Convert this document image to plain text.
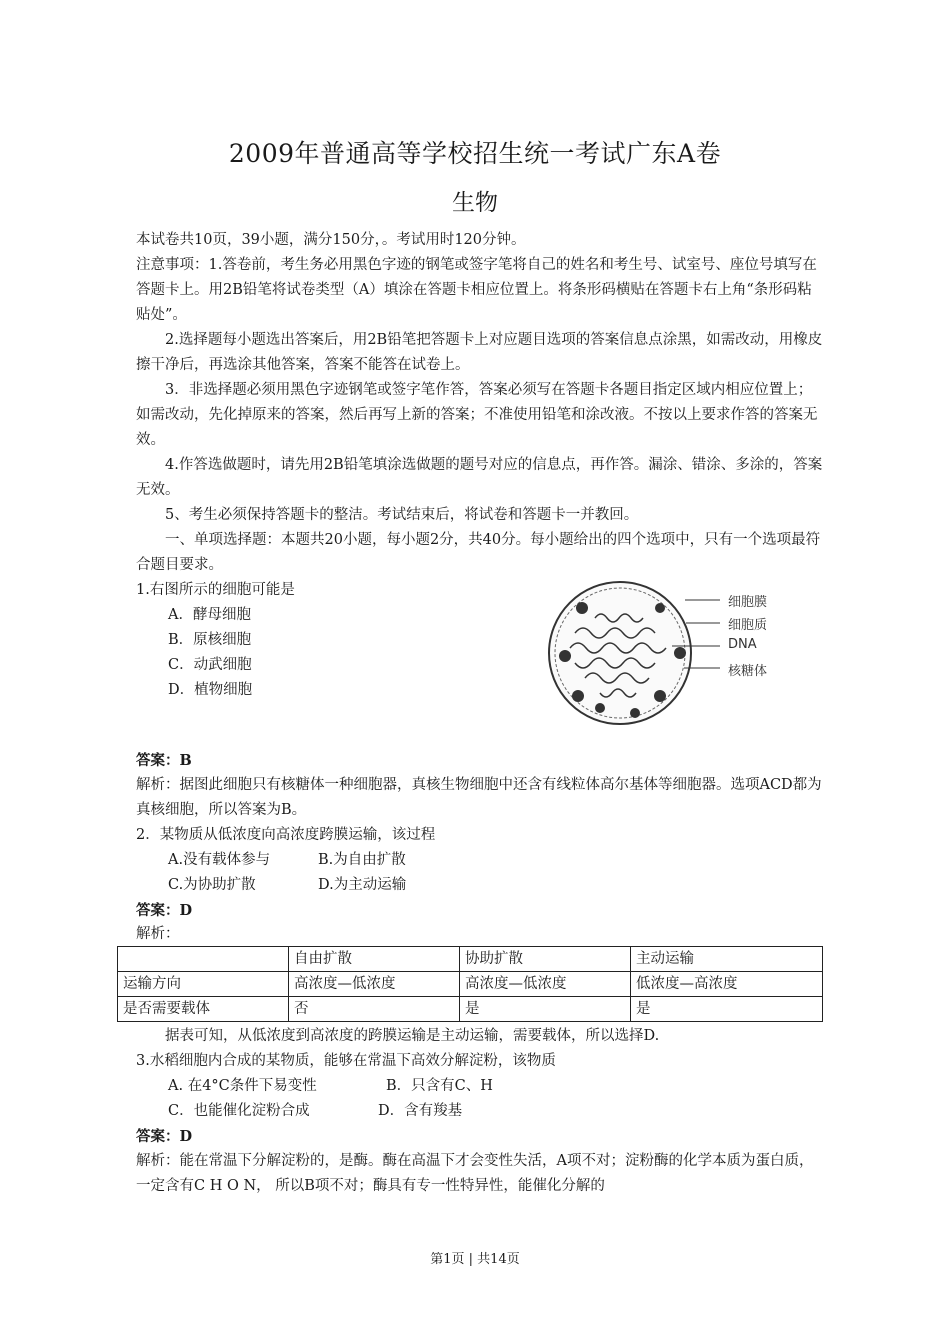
2009年普通高等学校招生统一考试广东A卷
生物

本试卷共10页，39小题，满分150分，。考试用时120分钟。

注意事项：1.答卷前，考生务必用黑色字迹的钢笔或签字笔将自己的姓名和考生号、试室号、座位号填写在答题卡上。用2B铅笔将试卷类型（A）填涂在答题卡相应位置上。将条形码横贴在答题卡右上角“条形码粘贴处”。

2.选择题每小题选出答案后，用2B铅笔把答题卡上对应题目选项的答案信息点涂黑，如需改动，用橡皮擦干净后，再选涂其他答案，答案不能答在试卷上。

3．非选择题必须用黑色字迹钢笔或签字笔作答，答案必须写在答题卡各题目指定区域内相应位置上；如需改动，先化掉原来的答案，然后再写上新的答案；不准使用铅笔和涂改液。不按以上要求作答的答案无效。

4.作答选做题时，请先用2B铅笔填涂选做题的题号对应的信息点，再作答。漏涂、错涂、多涂的，答案无效。

5、考生必须保持答题卡的整洁。考试结束后，将试卷和答题卡一并教回。

一、单项选择题：本题共20小题，每小题2分，共40分。每小题给出的四个选项中，只有一个选项最符合题目要求。

1.右图所示的细胞可能是

A．酵母细胞

B．原核细胞

C．动武细胞

D．植物细胞

细胞膜
细胞质
DNA
核糖体

答案：B

解析：据图此细胞只有核糖体一种细胞器，真核生物细胞中还含有线粒体高尔基体等细胞器。选项ACD都为真核细胞，所以答案为B。

2．某物质从低浓度向高浓度跨膜运输，该过程

A.没有载体参与	B.为自由扩散

C.为协助扩散	D.为主动运输

答案：D

解析：

	自由扩散	协助扩散	主动运输
运输方向	高浓度—低浓度	高浓度—低浓度	低浓度—高浓度
是否需要载体	否	是	是

据表可知，从低浓度到高浓度的跨膜运输是主动运输，需要载体，所以选择D.

3.水稻细胞内合成的某物质，能够在常温下高效分解淀粉，该物质

A. 在4°C条件下易变性	B．只含有C、H

C．也能催化淀粉合成	D．含有羧基

答案：D

解析：能在常温下分解淀粉的，是酶。酶在高温下才会变性失活，A项不对；淀粉酶的化学本质为蛋白质，一定含有C H O N， 所以B项不对；酶具有专一性特异性，能催化分解的

第1页 | 共14页
